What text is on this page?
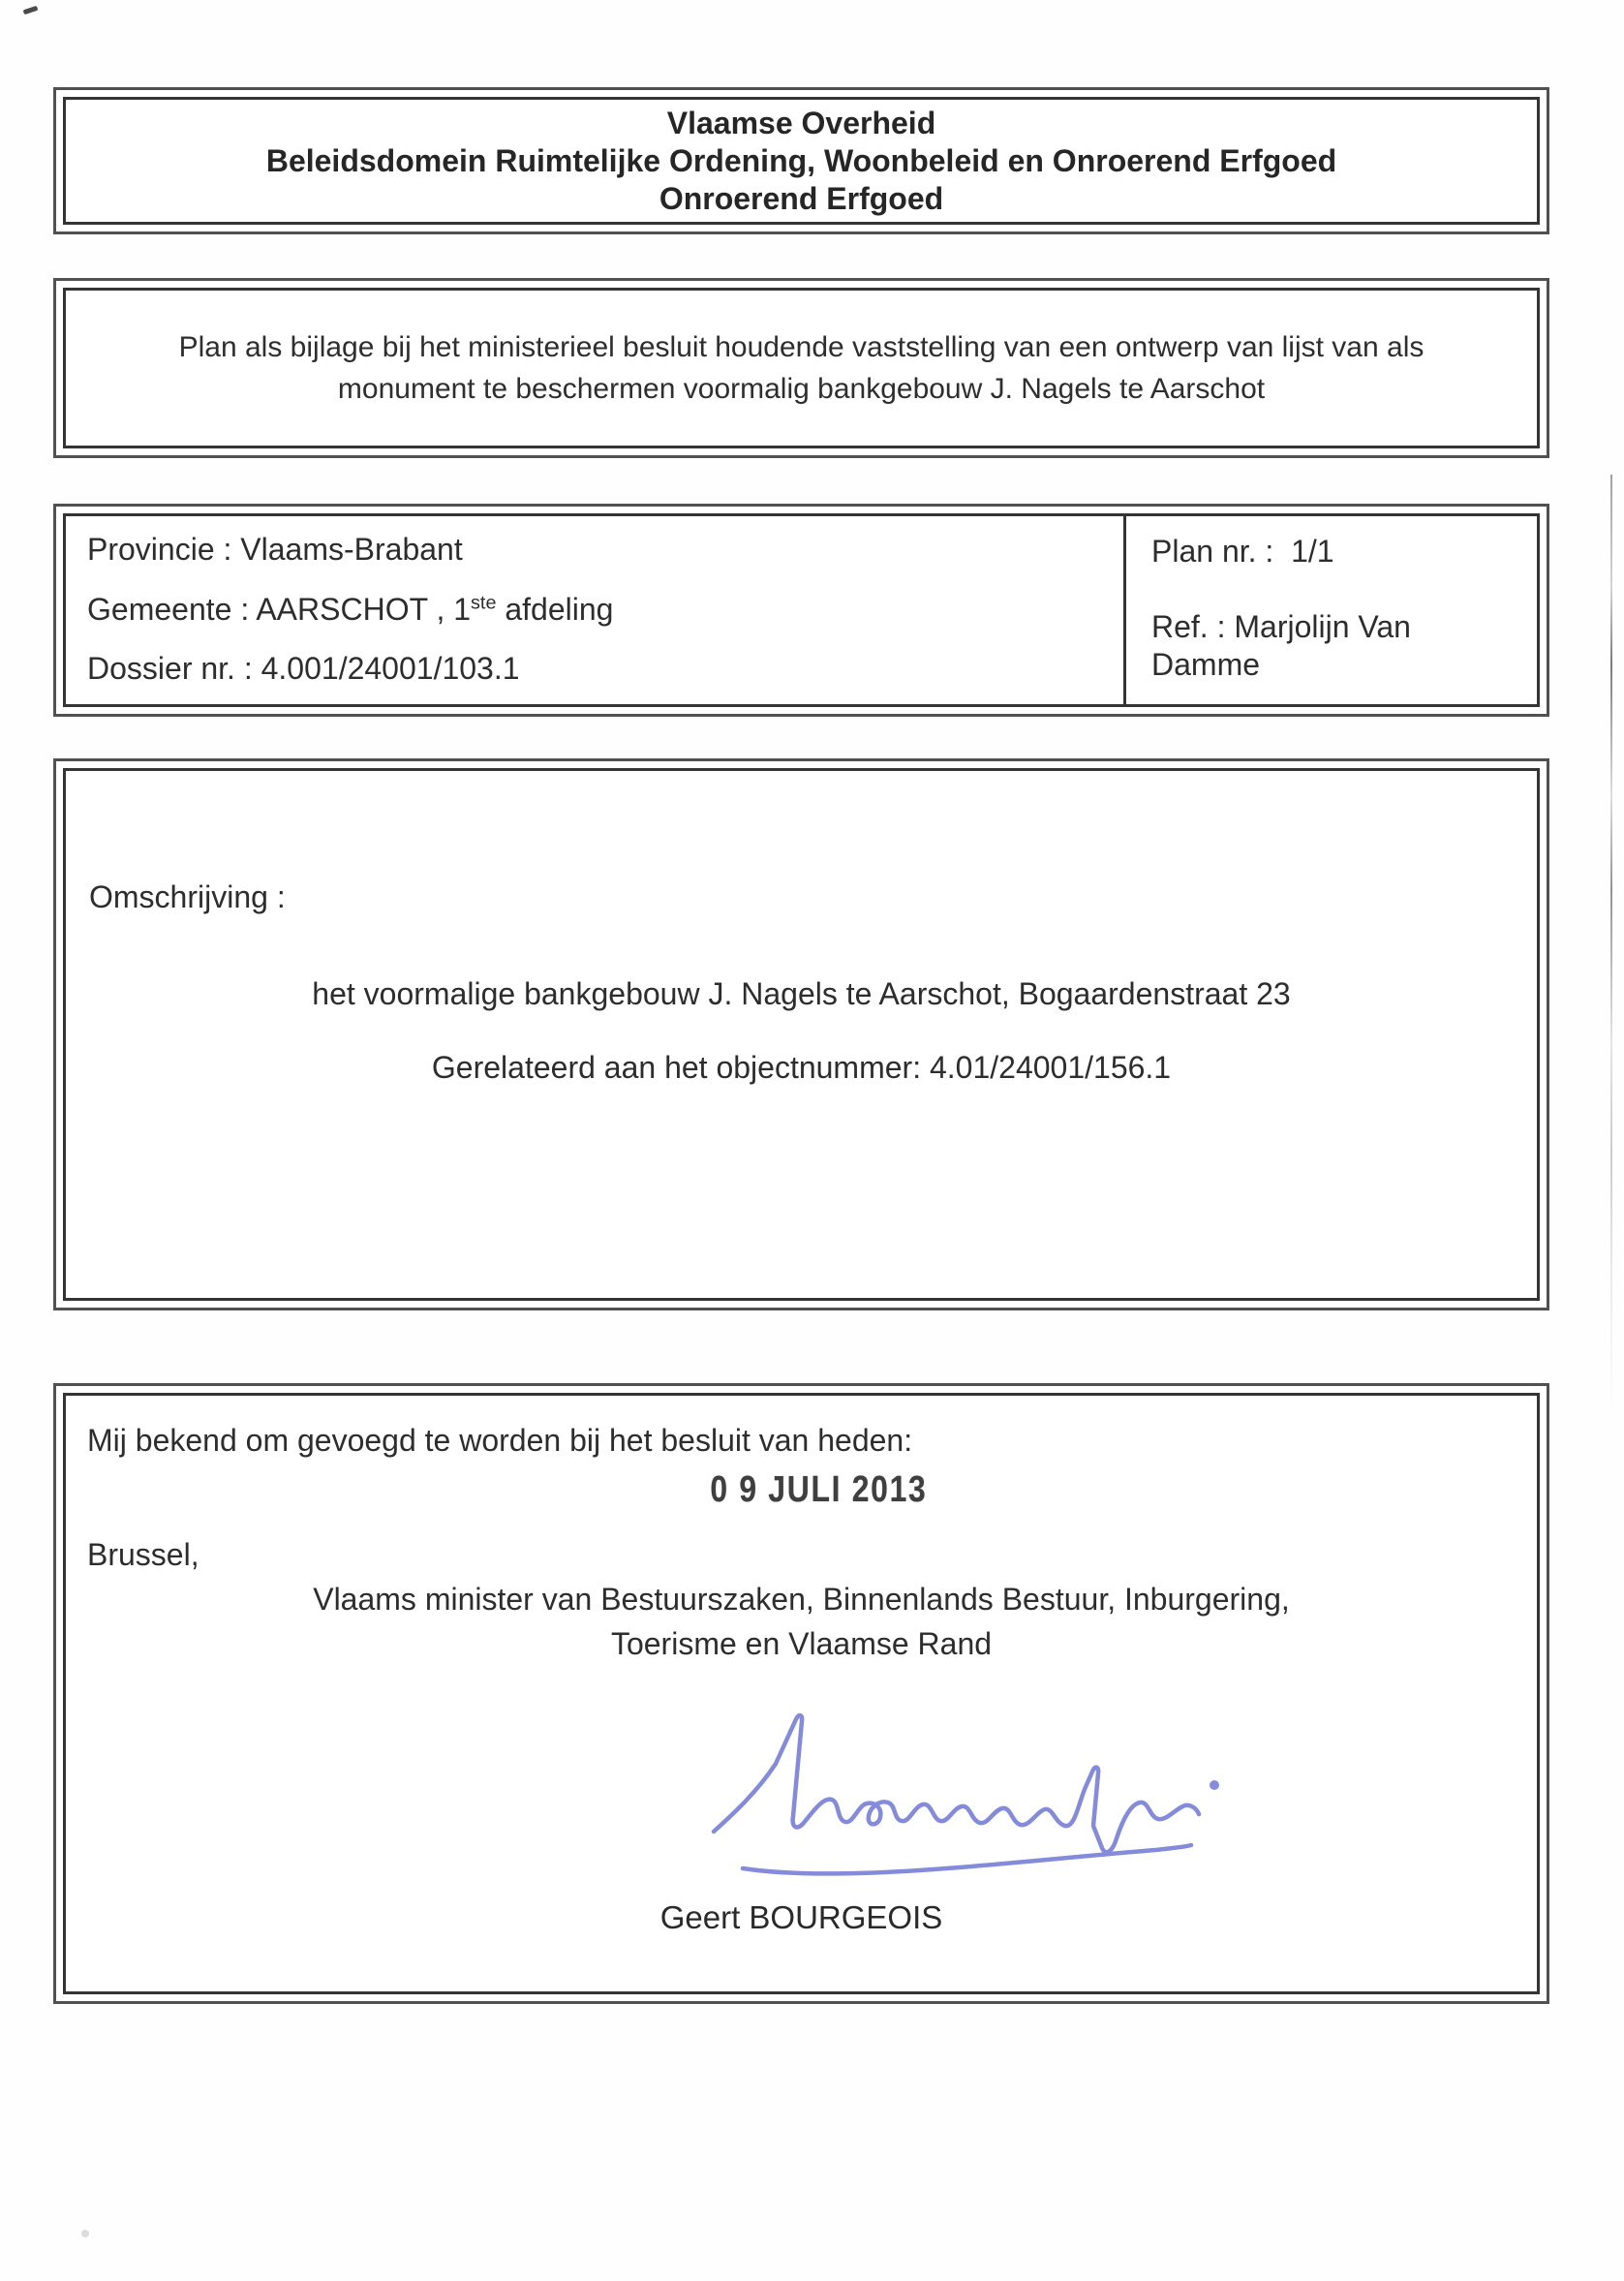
Vlaamse Overheid
Beleidsdomein Ruimtelijke Ordening, Woonbeleid en Onroerend Erfgoed
Onroerend Erfgoed
Plan als bijlage bij het ministerieel besluit houdende vaststelling van een ontwerp van lijst van als
monument te beschermen voormalig bankgebouw J. Nagels te Aarschot
Provincie : Vlaams-Brabant
Gemeente : AARSCHOT , 1ste afdeling
Dossier nr. : 4.001/24001/103.1
Plan nr. :  1/1
Ref. : Marjolijn Van
Damme
Omschrijving :
het voormalige bankgebouw J. Nagels te Aarschot, Bogaardenstraat 23
Gerelateerd aan het objectnummer: 4.01/24001/156.1
Mij bekend om gevoegd te worden bij het besluit van heden:
0 9 JULI 2013
Brussel,
Vlaams minister van Bestuurszaken, Binnenlands Bestuur, Inburgering,
Toerisme en Vlaamse Rand
Geert BOURGEOIS
